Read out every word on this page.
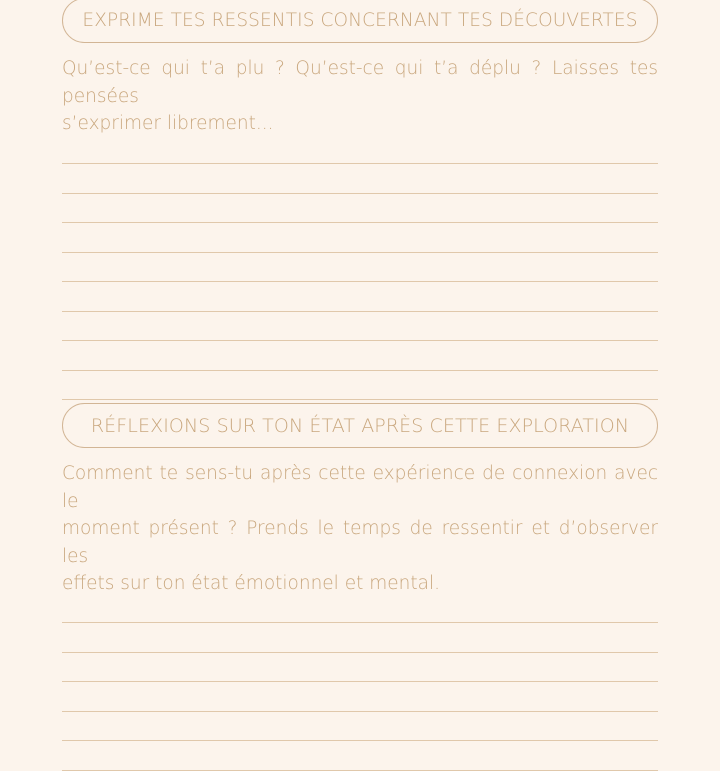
EXPRIME TES RESSENTIS CONCERNANT TES DÉCOUVERTES

Qu’est-ce qui t’a plu ? Qu’est-ce qui t’a déplu ? Laisses tes pensées
s’exprimer librement...

RÉFLEXIONS SUR TON ÉTAT APRÈS CETTE EXPLORATION

Comment te sens-tu après cette expérience de connexion avec le
moment présent ? Prends le temps de ressentir et d’observer les
effets sur ton état émotionnel et mental.
